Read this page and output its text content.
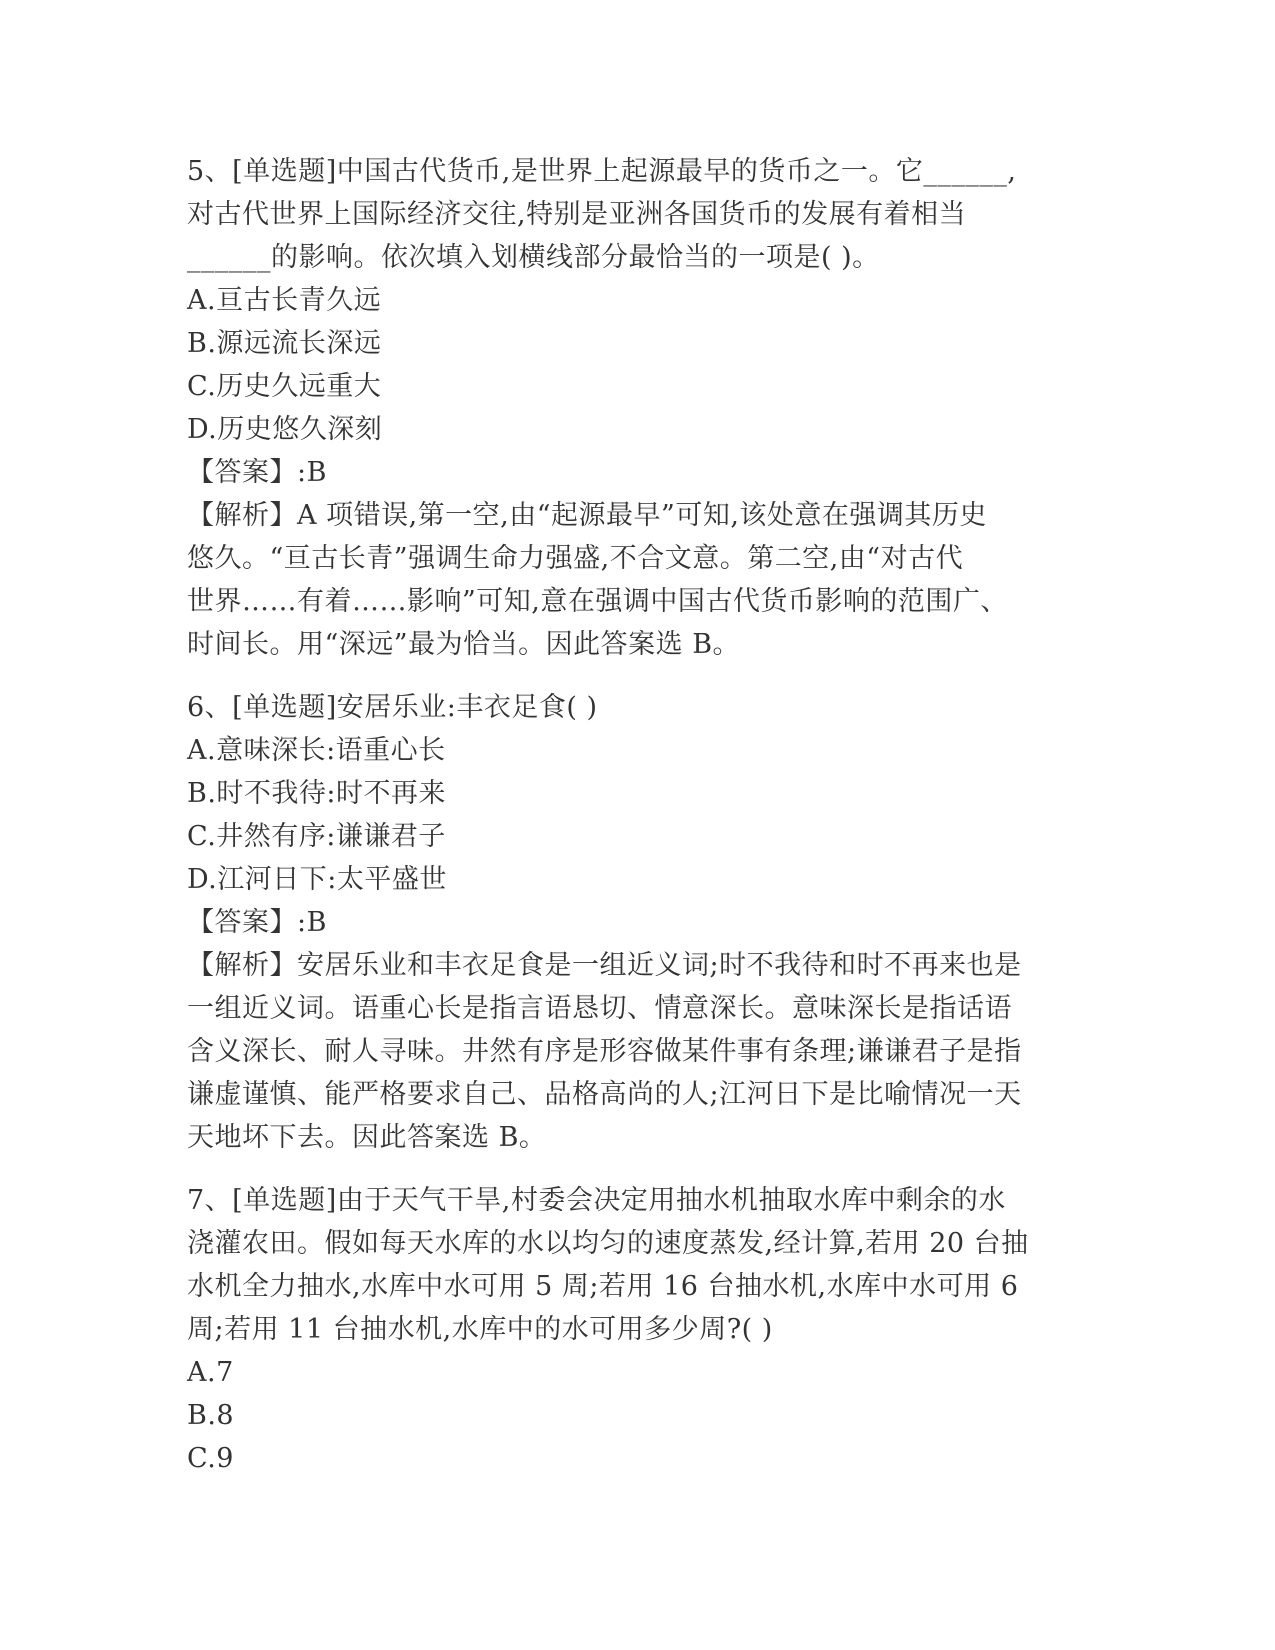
5、[单选题]中国古代货币,是世界上起源最早的货币之一。它______,
对古代世界上国际经济交往,特别是亚洲各国货币的发展有着相当
______的影响。依次填入划横线部分最恰当的一项是( )。
A.亘古长青久远
B.源远流长深远
C.历史久远重大
D.历史悠久深刻
【答案】:B
【解析】A 项错误,第一空,由“起源最早”可知,该处意在强调其历史
悠久。“亘古长青”强调生命力强盛,不合文意。第二空,由“对古代
世界……有着……影响”可知,意在强调中国古代货币影响的范围广、
时间长。用“深远”最为恰当。因此答案选 B。
6、[单选题]安居乐业:丰衣足食( )
A.意味深长:语重心长
B.时不我待:时不再来
C.井然有序:谦谦君子
D.江河日下:太平盛世
【答案】:B
【解析】安居乐业和丰衣足食是一组近义词;时不我待和时不再来也是
一组近义词。语重心长是指言语恳切、情意深长。意味深长是指话语
含义深长、耐人寻味。井然有序是形容做某件事有条理;谦谦君子是指
谦虚谨慎、能严格要求自己、品格高尚的人;江河日下是比喻情况一天
天地坏下去。因此答案选 B。
7、[单选题]由于天气干旱,村委会决定用抽水机抽取水库中剩余的水
浇灌农田。假如每天水库的水以均匀的速度蒸发,经计算,若用 20 台抽
水机全力抽水,水库中水可用 5 周;若用 16 台抽水机,水库中水可用 6
周;若用 11 台抽水机,水库中的水可用多少周?( )
A.7
B.8
C.9
